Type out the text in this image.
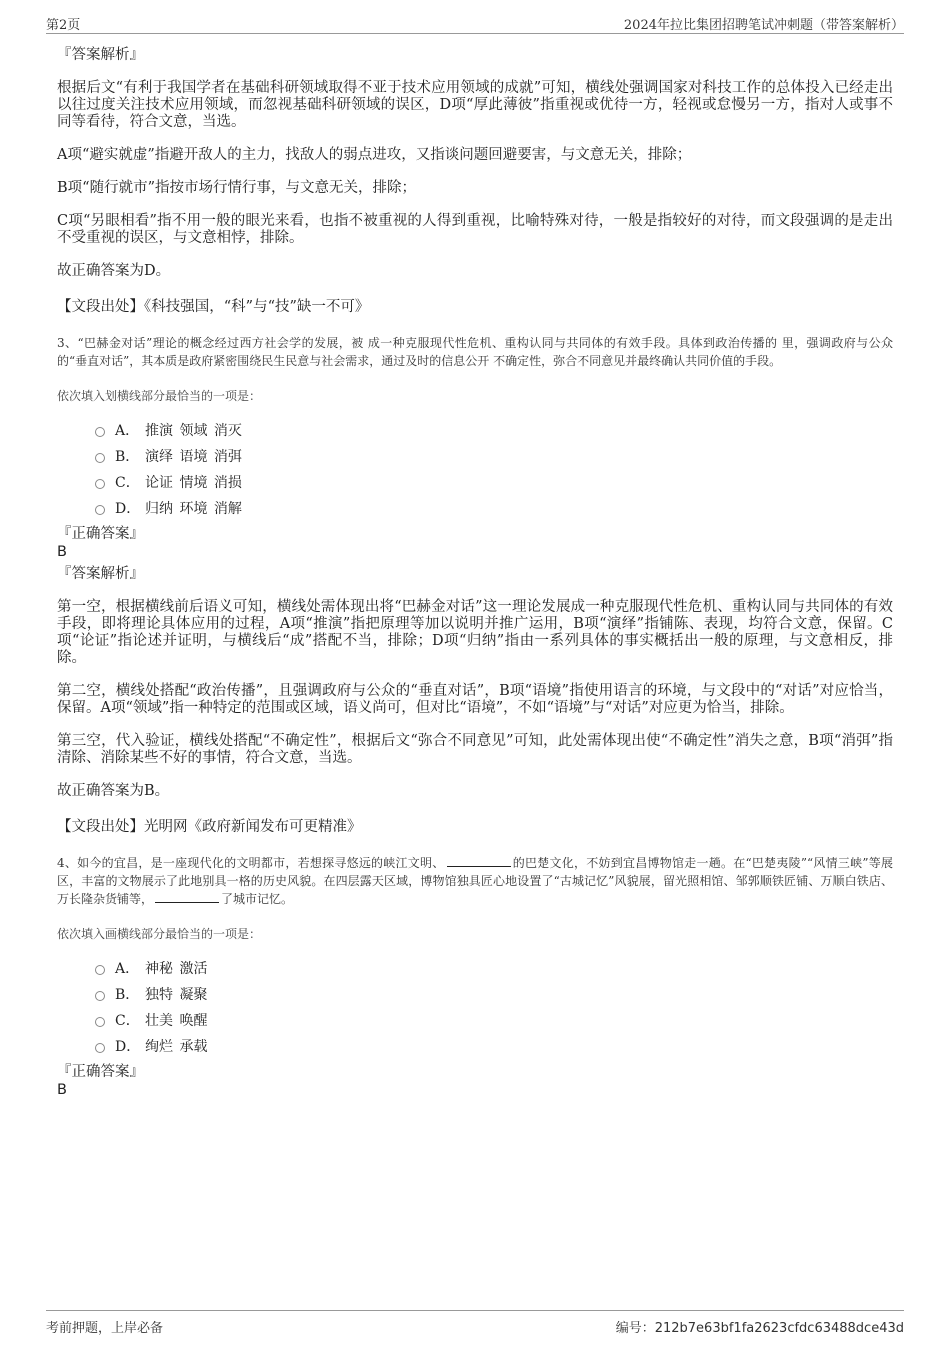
第2页	2024年拉比集团招聘笔试冲刺题（带答案解析）
『答案解析』

根据后文“有利于我国学者在基础科研领域取得不亚于技术应用领域的成就”可知，横线处强调国家对科技工作的总体投入已经走出以往过度关注技术应用领域，而忽视基础科研领域的误区，D项“厚此薄彼”指重视或优待一方，轻视或怠慢另一方，指对人或事不同等看待，符合文意，当选。

A项“避实就虚”指避开敌人的主力，找敌人的弱点进攻，又指谈问题回避要害，与文意无关，排除；

B项“随行就市”指按市场行情行事，与文意无关，排除；

C项“另眼相看”指不用一般的眼光来看，也指不被重视的人得到重视，比喻特殊对待，一般是指较好的对待，而文段强调的是走出不受重视的误区，与文意相悖，排除。

故正确答案为D。

【文段出处】《科技强国，“科”与“技”缺一不可》

3、“巴赫金对话”理论的概念经过西方社会学的发展，被 成一种克服现代性危机、重构认同与共同体的有效手段。具体到政治传播的 里，强调政府与公众的“垂直对话”，其本质是政府紧密围绕民生民意与社会需求，通过及时的信息公开 不确定性，弥合不同意见并最终确认共同价值的手段。

依次填入划横线部分最恰当的一项是：

A． 推演 领域 消灭
B． 演绎 语境 消弭
C． 论证 情境 消损
D． 归纳 环境 消解
『正确答案』
B
『答案解析』

第一空，根据横线前后语义可知，横线处需体现出将“巴赫金对话”这一理论发展成一种克服现代性危机、重构认同与共同体的有效手段，即将理论具体应用的过程，A项“推演”指把原理等加以说明并推广运用，B项“演绎”指铺陈、表现，均符合文意，保留。C项“论证”指论述并证明，与横线后“成”搭配不当，排除；D项“归纳”指由一系列具体的事实概括出一般的原理，与文意相反，排除。

第二空，横线处搭配“政治传播”，且强调政府与公众的“垂直对话”，B项“语境”指使用语言的环境，与文段中的“对话”对应恰当，保留。A项“领域”指一种特定的范围或区域，语义尚可，但对比“语境”，不如“语境”与“对话”对应更为恰当，排除。

第三空，代入验证，横线处搭配“不确定性”，根据后文“弥合不同意见”可知，此处需体现出使“不确定性”消失之意，B项“消弭”指清除、消除某些不好的事情，符合文意，当选。

故正确答案为B。

【文段出处】光明网《政府新闻发布可更精准》

4、如今的宜昌，是一座现代化的文明都市，若想探寻悠远的峡江文明、	的巴楚文化，不妨到宜昌博物馆走一趟。在“巴楚夷陵”“风情三峡”等展区，丰富的文物展示了此地别具一格的历史风貌。在四层露天区域，博物馆独具匠心地设置了“古城记忆”风貌展，留光照相馆、邹郭顺铁匠铺、万顺白铁店、万长隆杂货铺等，	了城市记忆。

依次填入画横线部分最恰当的一项是：

A． 神秘 激活
B． 独特 凝聚
C． 壮美 唤醒
D． 绚烂 承载
『正确答案』
B
考前押题，上岸必备	编号：212b7e63bf1fa2623cfdc63488dce43d
